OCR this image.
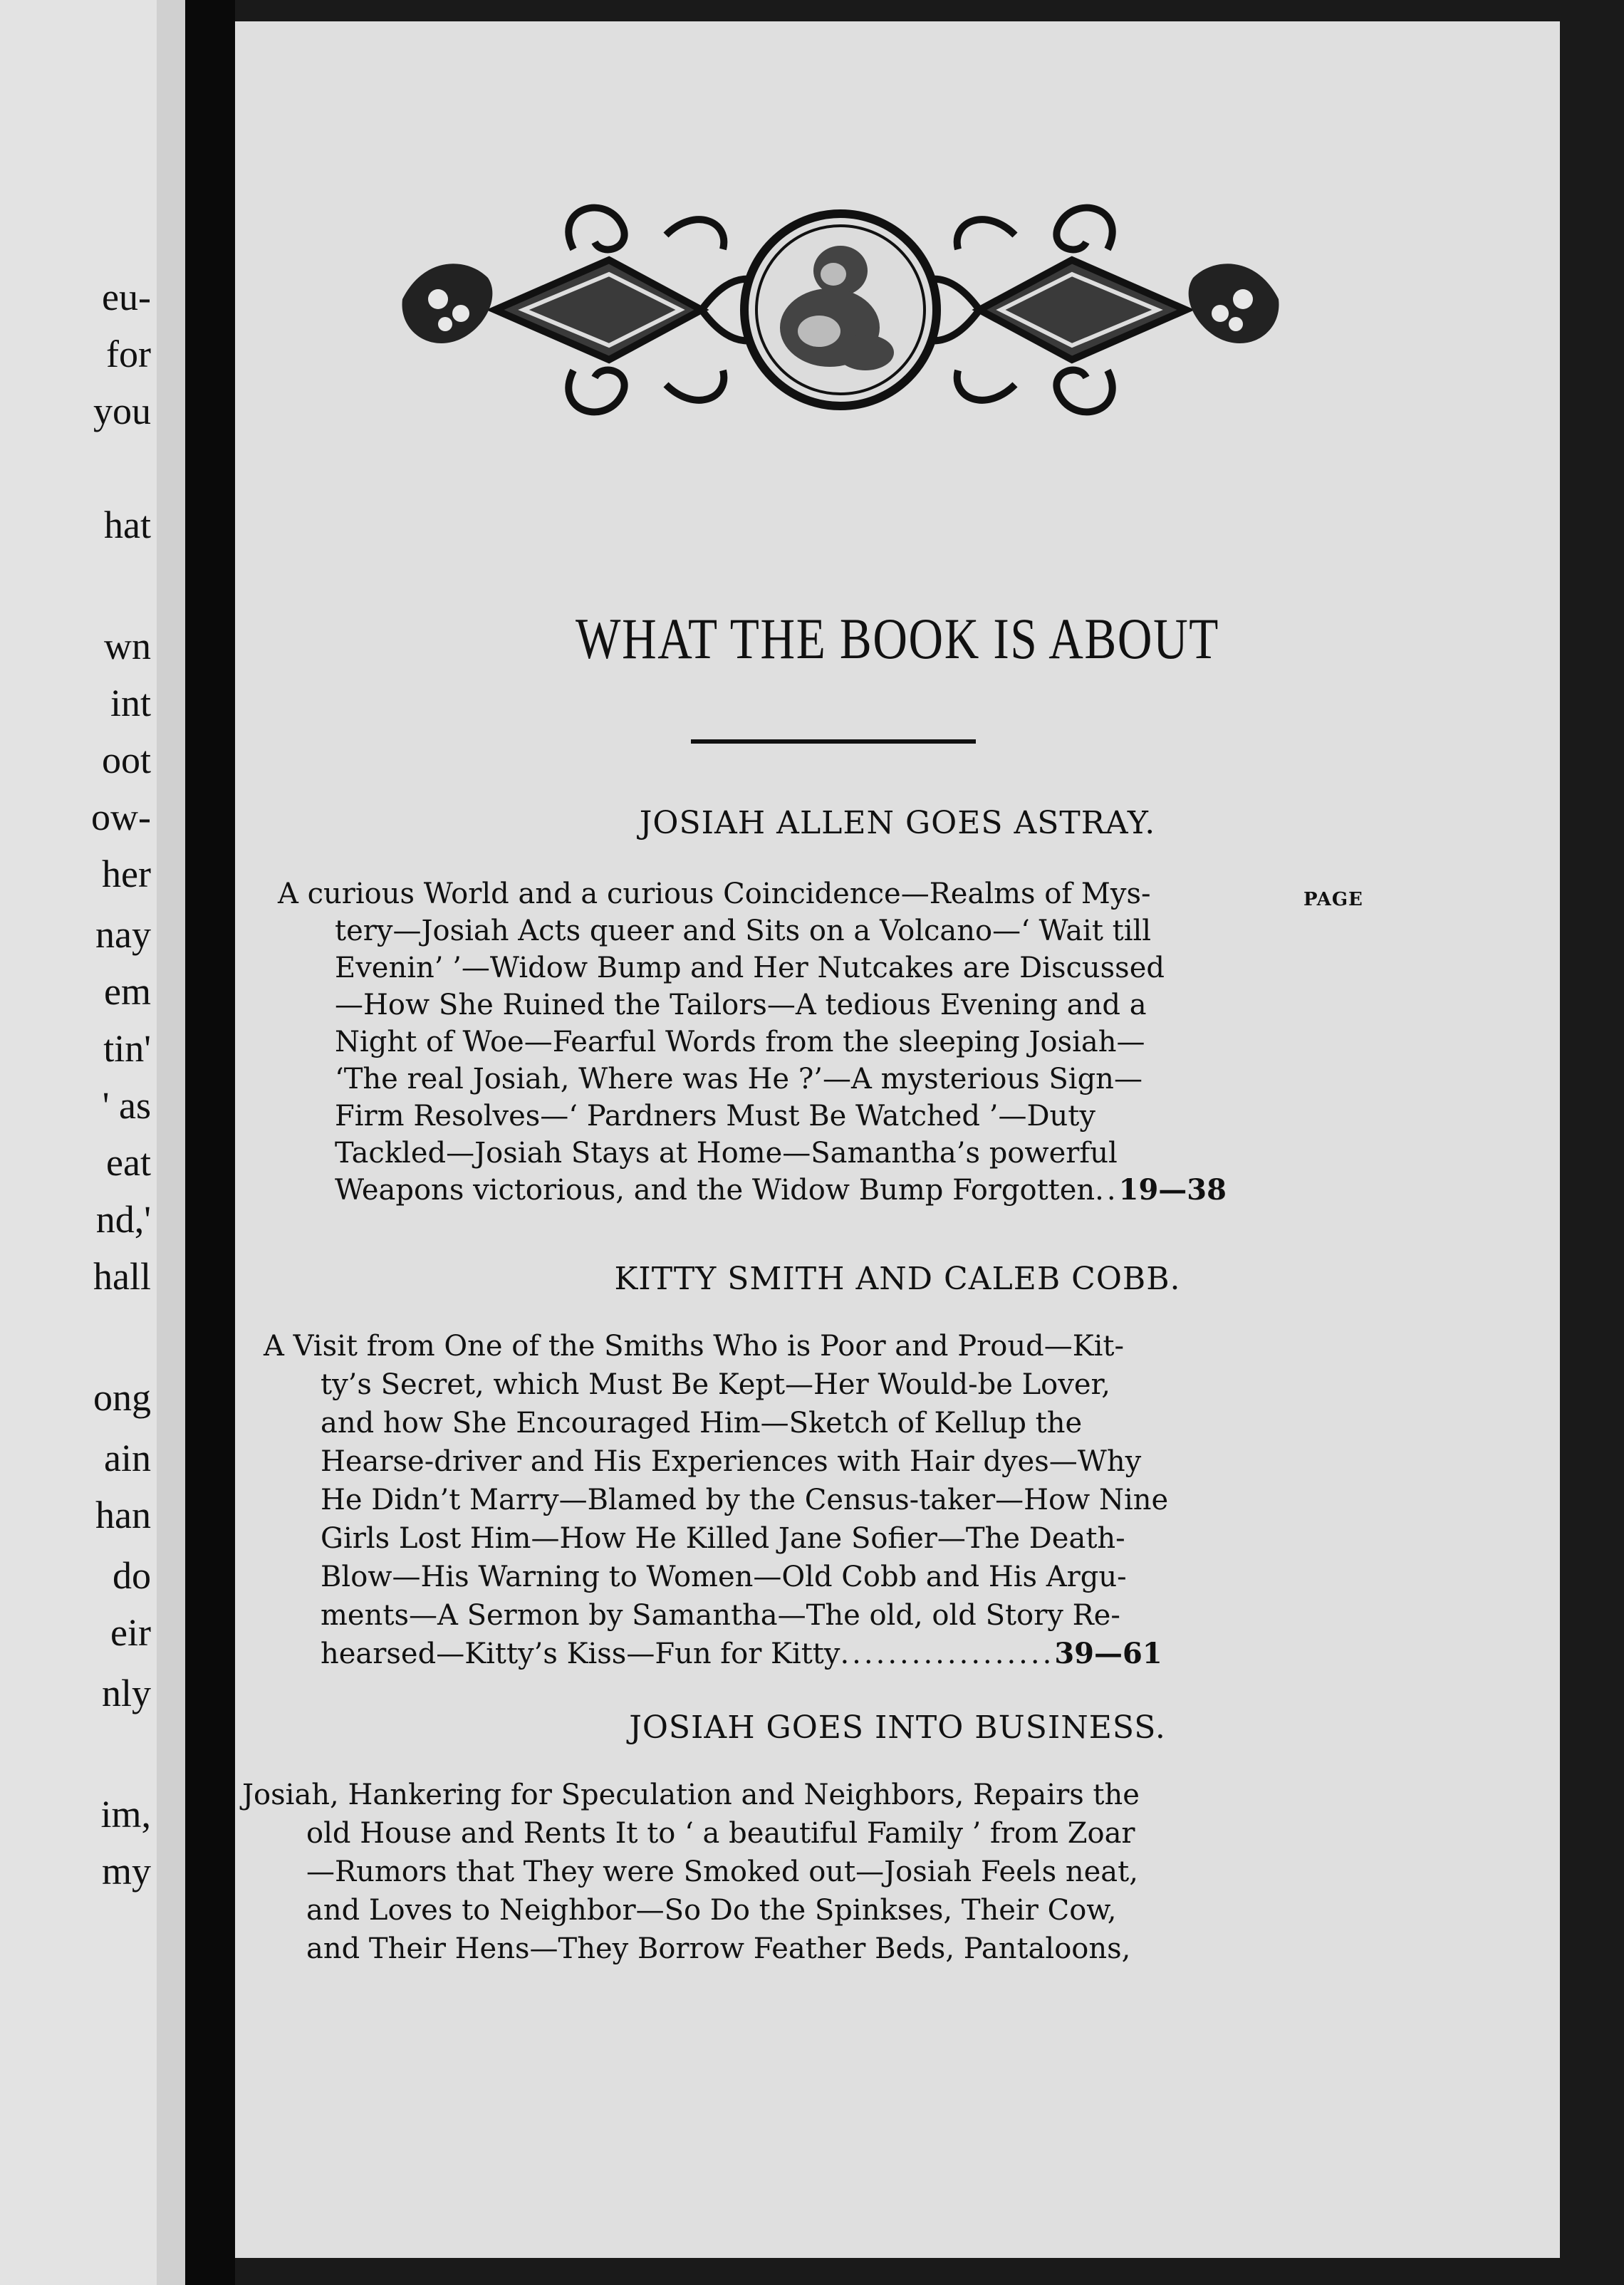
eu-
for
you
hat
wn
int
oot
ow-
her
nay
em
tin'
' as
eat
nd,'
hall
ong
ain
han
do
eir
nly
im,
my
WHAT THE BOOK IS ABOUT
JOSIAH ALLEN GOES ASTRAY.
PAGE
A curious World and a curious Coincidence—Realms of Mys-
tery—Josiah Acts queer and Sits on a Volcano—‘ Wait till
Evenin’ ’—Widow Bump and Her Nutcakes are Discussed
—How She Ruined the Tailors—A tedious Evening and a
Night of Woe—Fearful Words from the sleeping Josiah—
‘The real Josiah, Where was He ?’—A mysterious Sign—
Firm Resolves—‘ Pardners Must Be Watched ’—Duty
Tackled—Josiah Stays at Home—Samantha’s powerful
Weapons victorious, and the Widow Bump Forgotten..19—38
KITTY SMITH AND CALEB COBB.
A Visit from One of the Smiths Who is Poor and Proud—Kit-
ty’s Secret, which Must Be Kept—Her Would-be Lover,
and how She Encouraged Him—Sketch of Kellup the
Hearse-driver and His Experiences with Hair dyes—Why
He Didn’t Marry—Blamed by the Census-taker—How Nine
Girls Lost Him—How He Killed Jane Sofier—The Death-
Blow—His Warning to Women—Old Cobb and His Argu-
ments—A Sermon by Samantha—The old, old Story Re-
hearsed—Kitty’s Kiss—Fun for Kitty..................39—61
JOSIAH GOES INTO BUSINESS.
Josiah, Hankering for Speculation and Neighbors, Repairs the
old House and Rents It to ‘ a beautiful Family ’ from Zoar
—Rumors that They were Smoked out—Josiah Feels neat,
and Loves to Neighbor—So Do the Spinkses, Their Cow,
and Their Hens—They Borrow Feather Beds, Pantaloons,
